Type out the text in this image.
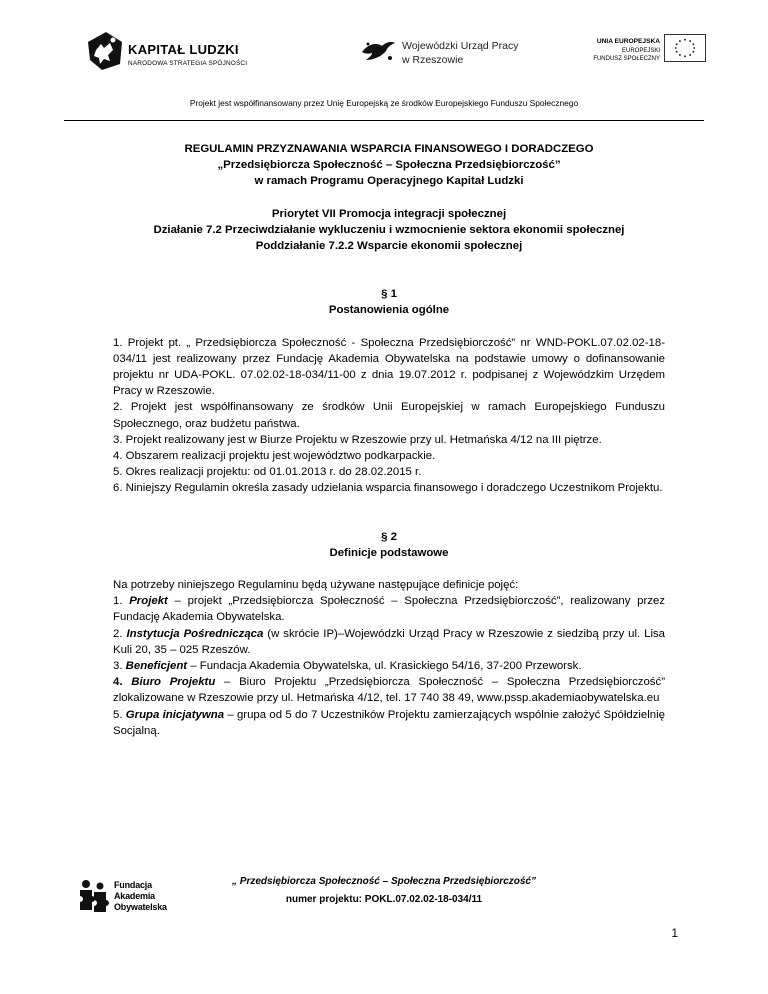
KAPITAŁ LUDZKI
NARODOWA STRATEGIA SPÓJNOŚCI
Wojewódzki Urząd Pracy
w Rzeszowie
UNIA EUROPEJSKA
EUROPEJSKI
FUNDUSZ SPOŁECZNY
Projekt jest współfinansowany przez Unię Europejską ze środków Europejskiego Funduszu Społecznego

REGULAMIN PRZYZNAWANIA WSPARCIA FINANSOWEGO I DORADCZEGO

„Przedsiębiorcza Społeczność – Społeczna Przedsiębiorczość”

w ramach Programu Operacyjnego Kapitał Ludzki

Priorytet VII Promocja integracji społecznej

Działanie 7.2 Przeciwdziałanie wykluczeniu i wzmocnienie sektora ekonomii społecznej

Poddziałanie 7.2.2 Wsparcie ekonomii społecznej

§ 1

Postanowienia ogólne

1. Projekt pt. „ Przedsiębiorcza Społeczność - Społeczna Przedsiębiorczość” nr WND-POKL.07.02.02-18-034/11 jest realizowany przez Fundację Akademia Obywatelska na podstawie umowy o dofinansowanie projektu nr UDA-POKL. 07.02.02-18-034/11-00 z dnia 19.07.2012 r. podpisanej z Wojewódzkim Urzędem Pracy w Rzeszowie.

2. Projekt jest współfinansowany ze środków Unii Europejskiej w ramach Europejskiego Funduszu Społecznego, oraz budżetu państwa.

3. Projekt realizowany jest w Biurze Projektu w Rzeszowie przy ul. Hetmańska 4/12 na III piętrze.

4. Obszarem realizacji projektu jest województwo podkarpackie.

5. Okres realizacji projektu: od 01.01.2013 r. do 28.02.2015 r.

6. Niniejszy Regulamin określa zasady udzielania wsparcia finansowego i doradczego Uczestnikom Projektu.

§ 2

Definicje podstawowe

Na potrzeby niniejszego Regulaminu będą używane następujące definicje pojęć:

1. Projekt – projekt „Przedsiębiorcza Społeczność – Społeczna Przedsiębiorczość”, realizowany przez Fundację Akademia Obywatelska.

2. Instytucja Pośrednicząca (w skrócie IP)–Wojewódzki Urząd Pracy w Rzeszowie z siedzibą przy ul. Lisa Kuli 20, 35 – 025 Rzeszów.

3. Beneficjent – Fundacja Akademia Obywatelska, ul. Krasickiego 54/16, 37-200 Przeworsk.

4. Biuro Projektu – Biuro Projektu „Przedsiębiorcza Społeczność – Społeczna Przedsiębiorczość” zlokalizowane w Rzeszowie przy ul. Hetmańska 4/12, tel. 17 740 38 49, www.pssp.akademiaobywatelska.eu

5. Grupa inicjatywna – grupa od 5 do 7 Uczestników Projektu zamierzających wspólnie założyć Spółdzielnię Socjalną.

Fundacja
Akademia
Obywatelska
„ Przedsiębiorcza Społeczność – Społeczna Przedsiębiorczość”
numer projektu: POKL.07.02.02-18-034/11
1
